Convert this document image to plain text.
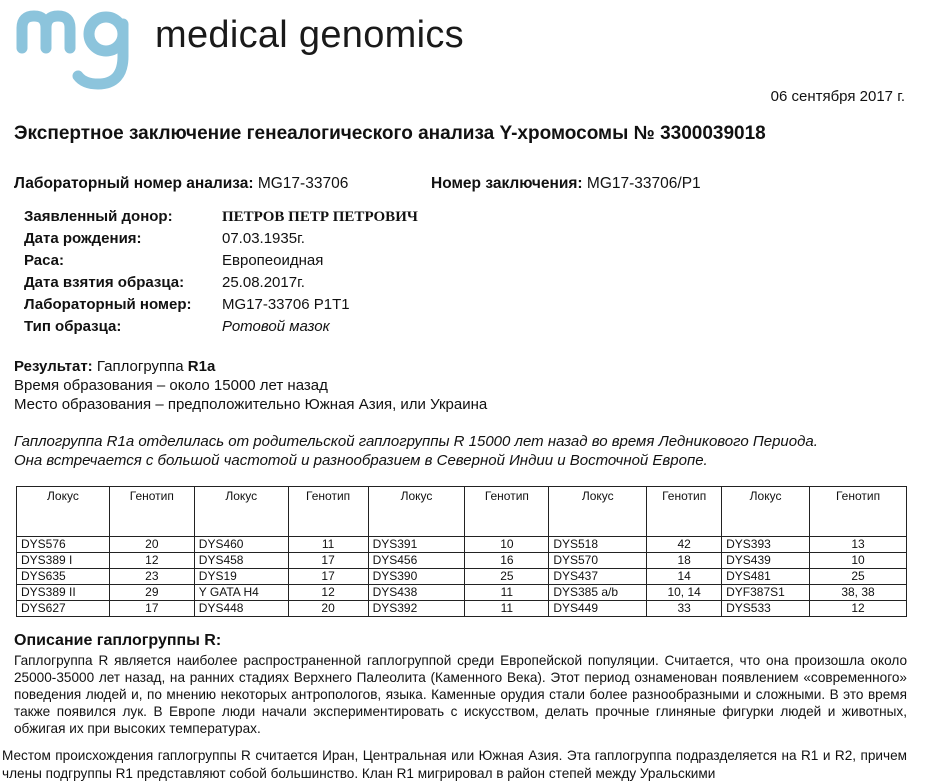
mg
medical genomics
06 сентября 2017 г.
Экспертное заключение генеалогического анализа Y-хромосомы № 3300039018
Лабораторный номер анализа: MG17-33706	Номер заключения: MG17-33706/P1
Заявленный донор:	ПЕТРОВ ПЕТР ПЕТРОВИЧ
Дата рождения:	07.03.1935г.
Раса:	Европеоидная
Дата взятия образца:	25.08.2017г.
Лабораторный номер: MG17-33706 P1T1
Тип образца:	Ротовой мазок
Результат: Гаплогруппа R1a
Время образования – около 15000 лет назад
Место образования – предположительно Южная Азия, или Украина
Гаплогруппа R1a отделилась от родительской гаплогруппы R 15000 лет назад во время Ледникового Периода.
Она встречается с большой частотой и разнообразием в Северной Индии и Восточной Европе.
Локус	Генотип	Локус	Генотип	Локус	Генотип	Локус	Генотип	Локус	Генотип
DYS576	20	DYS460	11	DYS391	10	DYS518	42	DYS393	13
DYS389 I	12	DYS458	17	DYS456	16	DYS570	18	DYS439	10
DYS635	23	DYS19	17	DYS390	25	DYS437	14	DYS481	25
DYS389 II	29	Y GATA H4	12	DYS438	11	DYS385 a/b	10, 14	DYF387S1	38, 38
DYS627	17	DYS448	20	DYS392	11	DYS449	33	DYS533	12
Описание гаплогруппы R:
Гаплогруппа R является наиболее распространенной гаплогруппой среди Европейской популяции. Считается, что она произошла около 25000-35000 лет назад, на ранних стадиях Верхнего Палеолита (Каменного Века). Этот период ознаменован появлением «современного» поведения людей и, по мнению некоторых антропологов, языка. Каменные орудия стали более разнообразными и сложными. В это время также появился лук. В Европе люди начали экспериментировать с искусством, делать прочные глиняные фигурки людей и животных, обжигая их при высоких температурах.
Местом происхождения гаплогруппы R считается Иран, Центральная или Южная Азия. Эта гаплогруппа подразделяется на R1 и R2, причем члены подгруппы R1 представляют собой большинство. Клан R1 мигрировал в район степей между Уральскими
